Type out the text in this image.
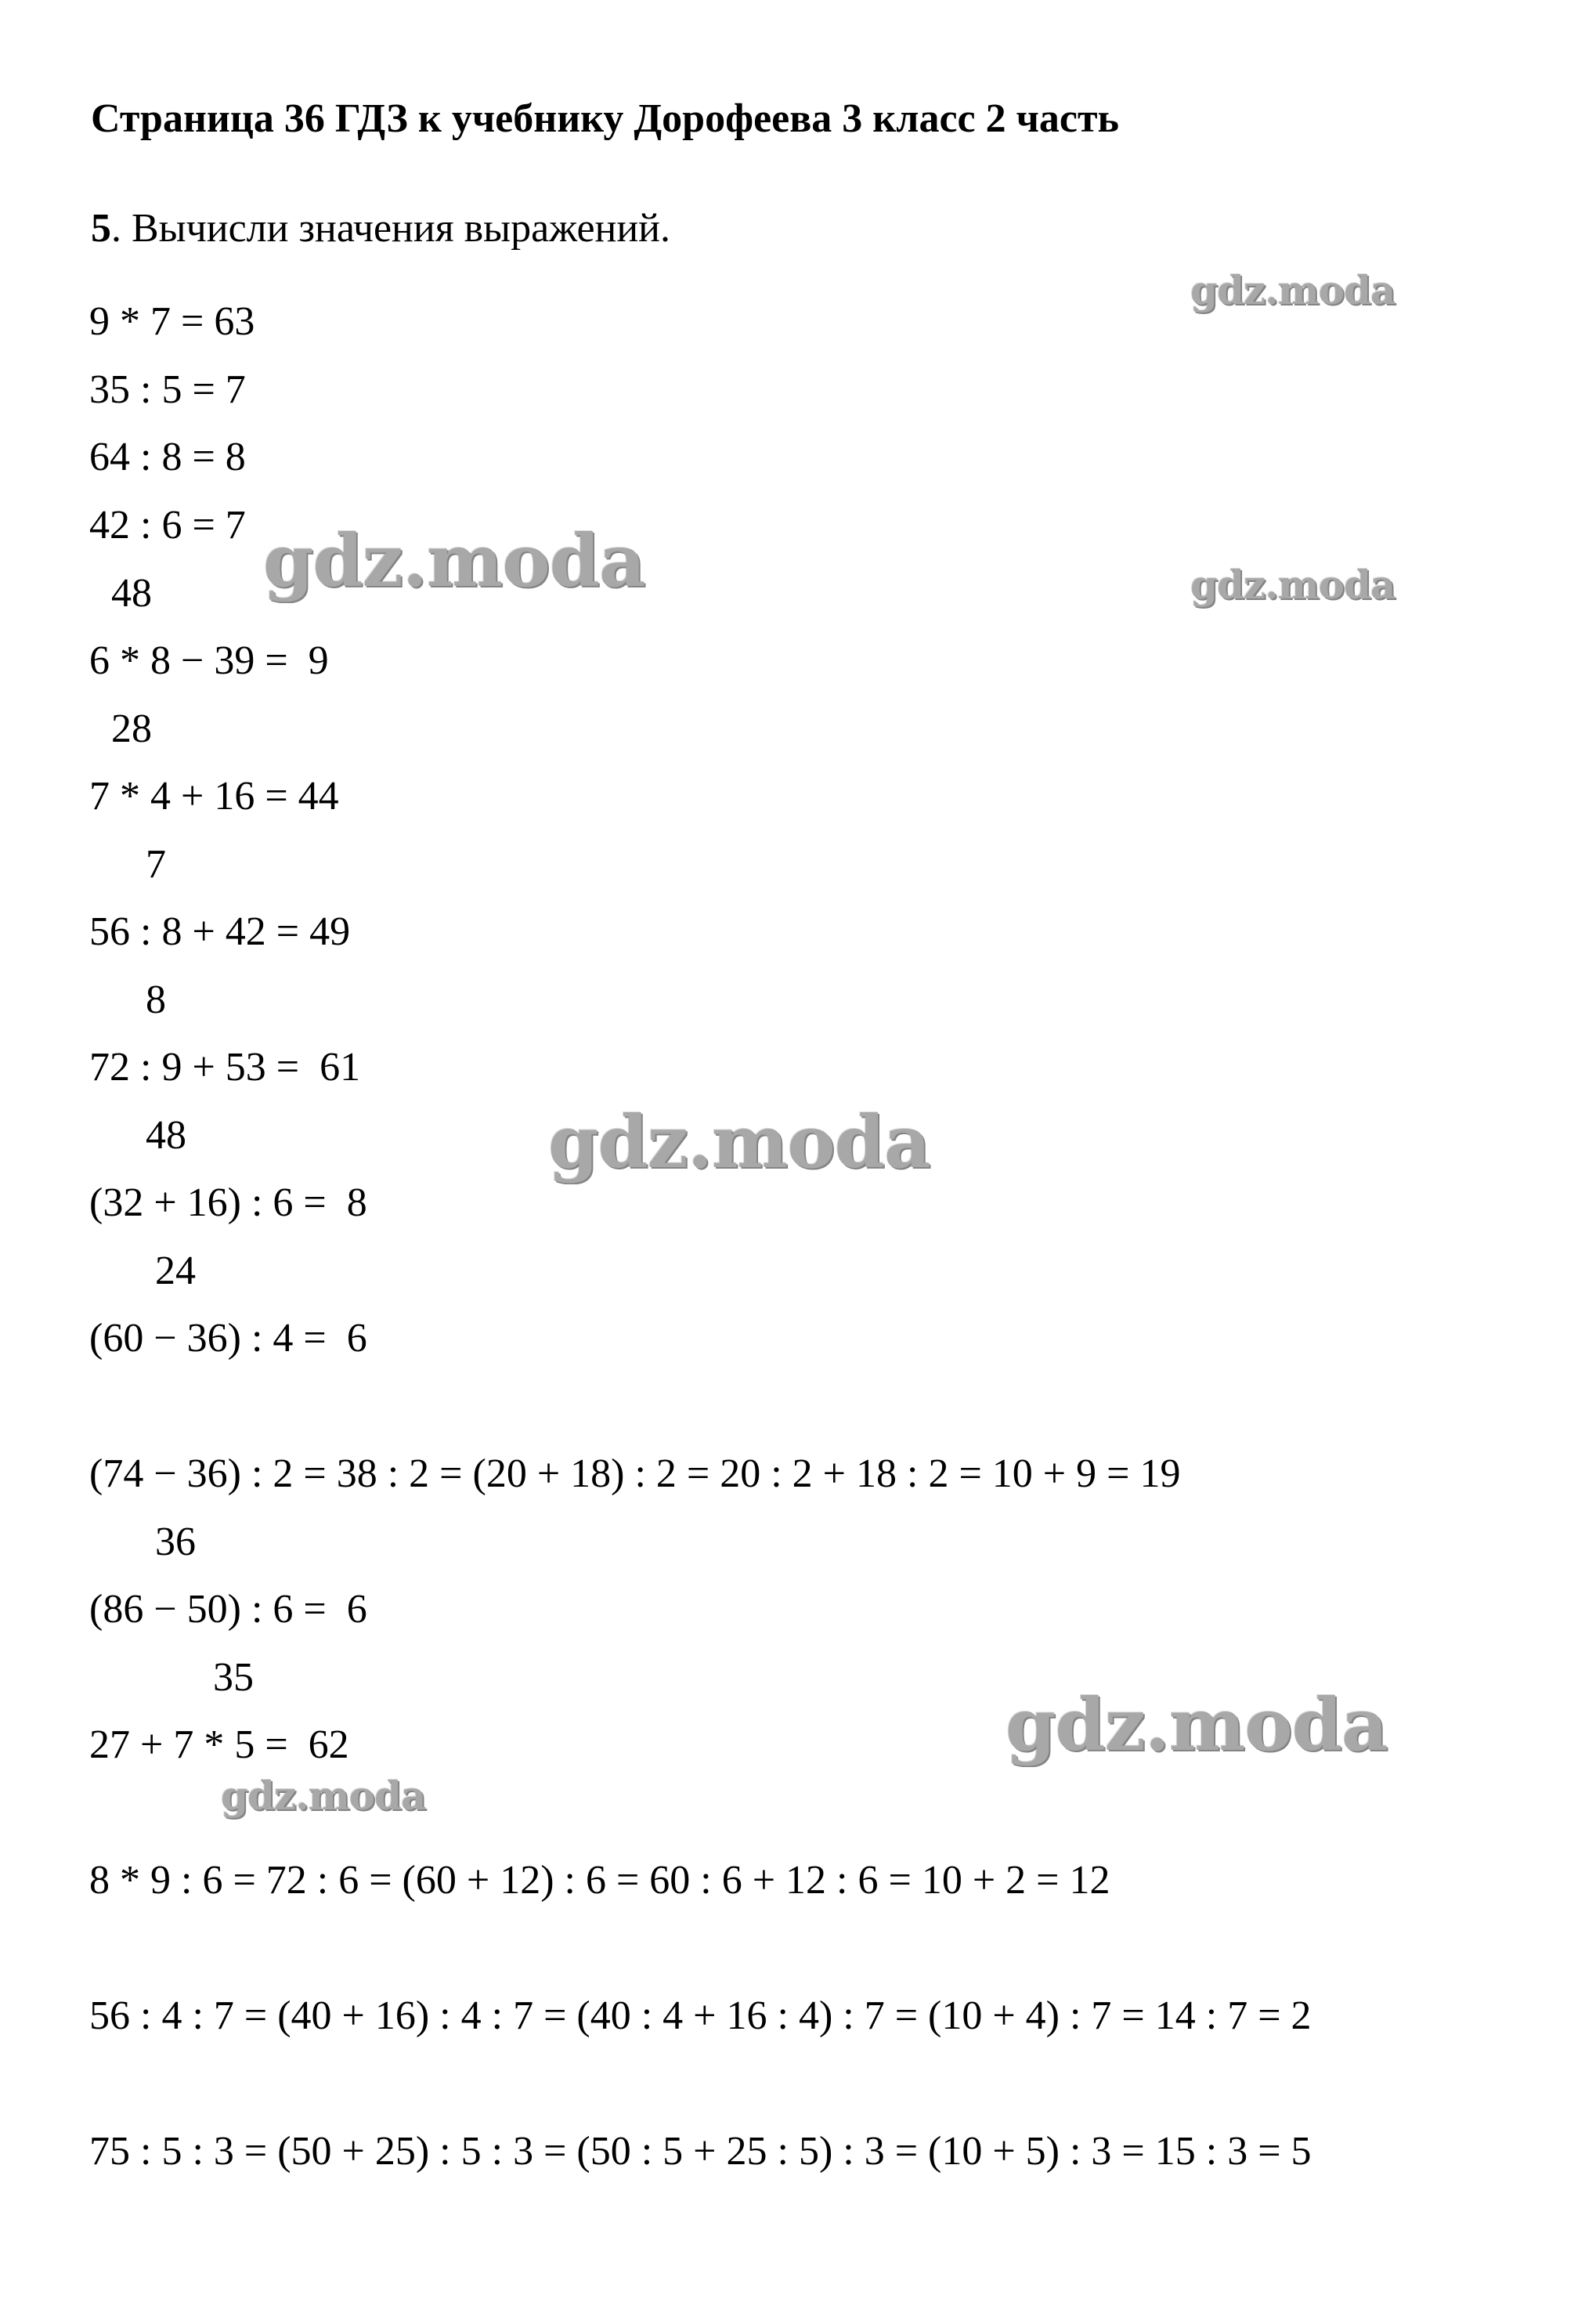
Страница 36 ГДЗ к учебнику Дорофеева 3 класс 2 часть
5. Вычисли значения выражений.
9 * 7 = 63
35 : 5 = 7
64 : 8 = 8
42 : 6 = 7
48
6 * 8 − 39 =  9
28
7 * 4 + 16 = 44
7
56 : 8 + 42 = 49
8
72 : 9 + 53 =  61
48
(32 + 16) : 6 =  8
24
(60 − 36) : 4 =  6
(74 − 36) : 2 = 38 : 2 = (20 + 18) : 2 = 20 : 2 + 18 : 2 = 10 + 9 = 19
36
(86 − 50) : 6 =  6
35
27 + 7 * 5 =  62
8 * 9 : 6 = 72 : 6 = (60 + 12) : 6 = 60 : 6 + 12 : 6 = 10 + 2 = 12
56 : 4 : 7 = (40 + 16) : 4 : 7 = (40 : 4 + 16 : 4) : 7 = (10 + 4) : 7 = 14 : 7 = 2
75 : 5 : 3 = (50 + 25) : 5 : 3 = (50 : 5 + 25 : 5) : 3 = (10 + 5) : 3 = 15 : 3 = 5
gdz.moda
gdz.moda	gdz.moda
gdz.moda
gdz.moda
gdz.moda
